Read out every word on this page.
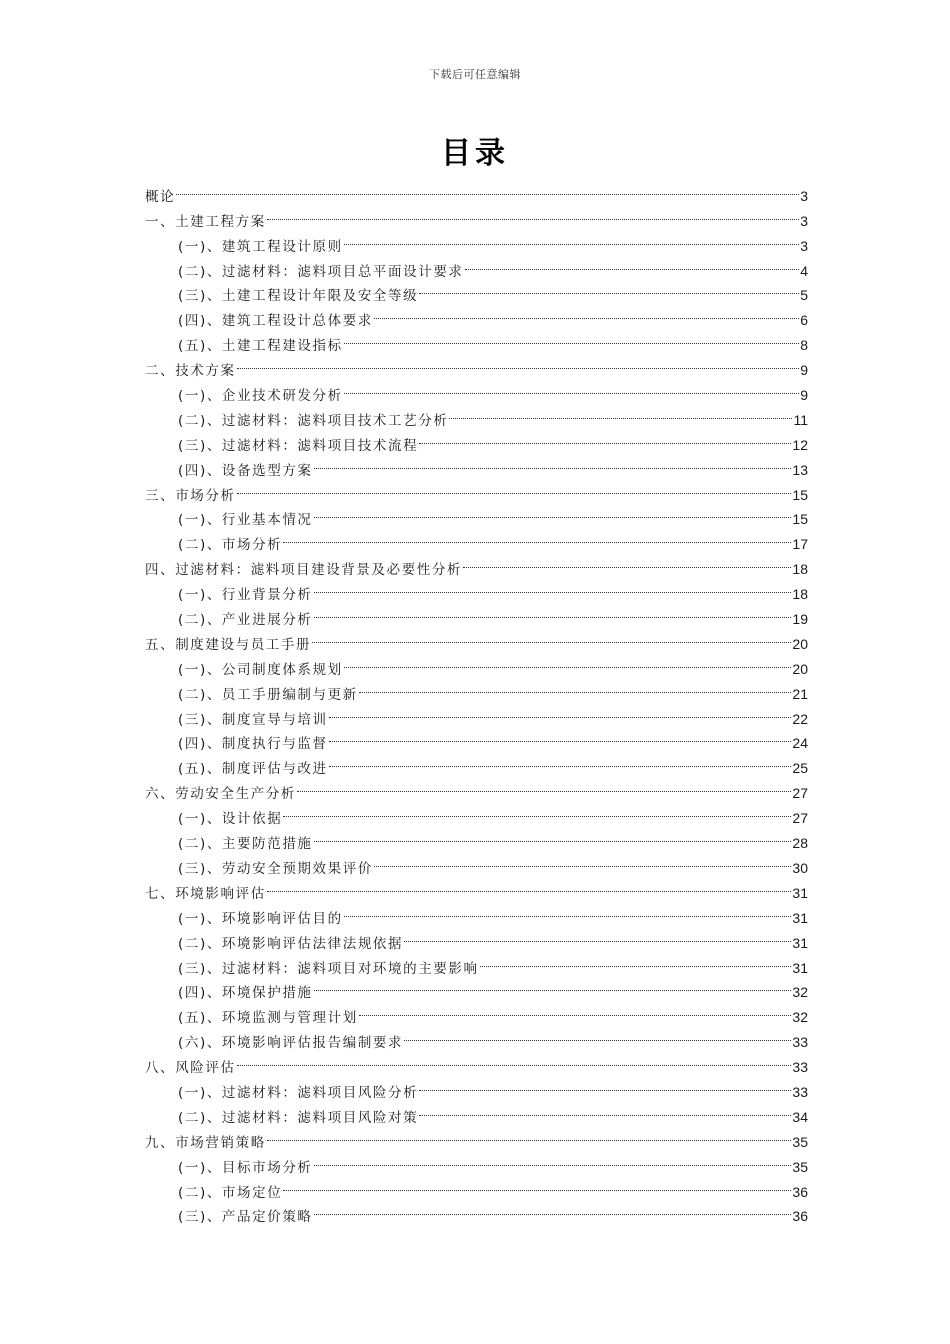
下载后可任意编辑
目录
概论	3
一、土建工程方案	3
(一)、建筑工程设计原则	3
(二)、过滤材料：滤料项目总平面设计要求	4
(三)、土建工程设计年限及安全等级	5
(四)、建筑工程设计总体要求	6
(五)、土建工程建设指标	8
二、技术方案	9
(一)、企业技术研发分析	9
(二)、过滤材料：滤料项目技术工艺分析	11
(三)、过滤材料：滤料项目技术流程	12
(四)、设备选型方案	13
三、市场分析	15
(一)、行业基本情况	15
(二)、市场分析	17
四、过滤材料：滤料项目建设背景及必要性分析	18
(一)、行业背景分析	18
(二)、产业进展分析	19
五、制度建设与员工手册	20
(一)、公司制度体系规划	20
(二)、员工手册编制与更新	21
(三)、制度宣导与培训	22
(四)、制度执行与监督	24
(五)、制度评估与改进	25
六、劳动安全生产分析	27
(一)、设计依据	27
(二)、主要防范措施	28
(三)、劳动安全预期效果评价	30
七、环境影响评估	31
(一)、环境影响评估目的	31
(二)、环境影响评估法律法规依据	31
(三)、过滤材料：滤料项目对环境的主要影响	31
(四)、环境保护措施	32
(五)、环境监测与管理计划	32
(六)、环境影响评估报告编制要求	33
八、风险评估	33
(一)、过滤材料：滤料项目风险分析	33
(二)、过滤材料：滤料项目风险对策	34
九、市场营销策略	35
(一)、目标市场分析	35
(二)、市场定位	36
(三)、产品定价策略	36
